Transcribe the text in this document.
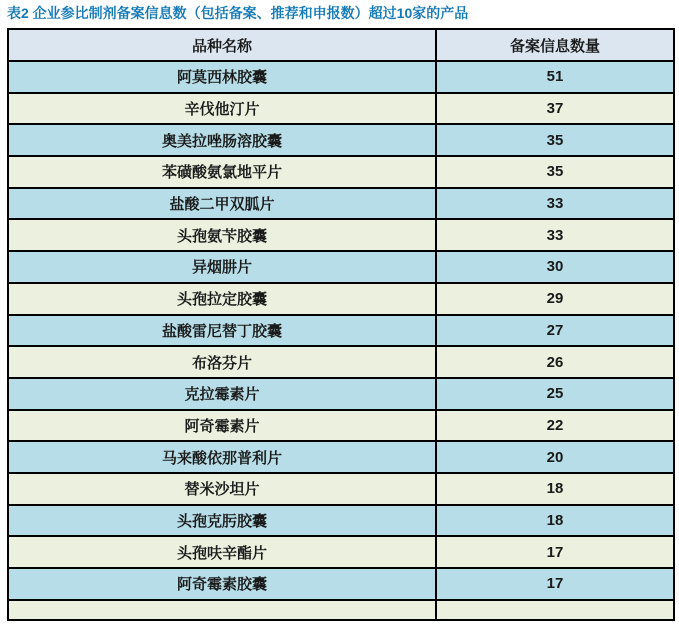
表2 企业参比制剂备案信息数（包括备案、推荐和申报数）超过10家的产品
品种名称	备案信息数量
阿莫西林胶囊	51
辛伐他汀片	37
奥美拉唑肠溶胶囊	35
苯磺酸氨氯地平片	35
盐酸二甲双胍片	33
头孢氨苄胶囊	33
异烟肼片	30
头孢拉定胶囊	29
盐酸雷尼替丁胶囊	27
布洛芬片	26
克拉霉素片	25
阿奇霉素片	22
马来酸依那普利片	20
替米沙坦片	18
头孢克肟胶囊	18
头孢呋辛酯片	17
阿奇霉素胶囊	17
